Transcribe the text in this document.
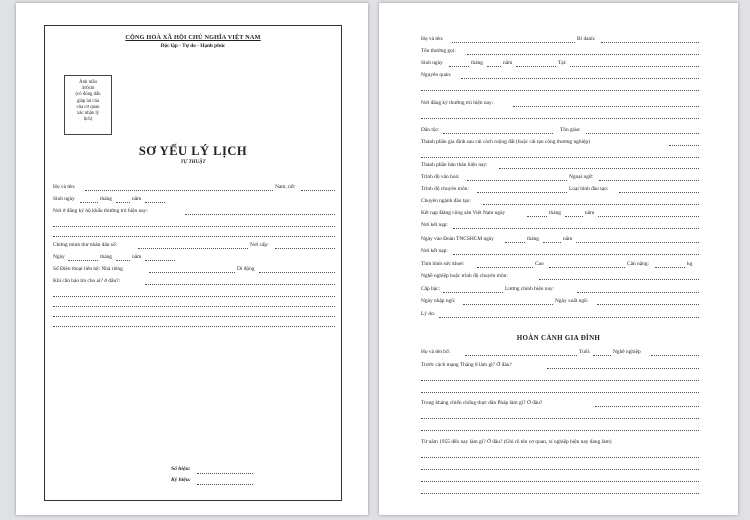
CỘNG HOÀ XÃ HỘI CHỦ NGHĨA VIỆT NAM
Độc lập - Tự do - Hạnh phúc
Ảnh mầu
4x6cm
(có đóng dấu
giáp lai của
của cơ quan
xác nhận lý
lịch)
SƠ YẾU LÝ LỊCH
TỰ THUẬT
Họ và tên:	Nam, nữ:
Sinh ngày	tháng	năm
Nơi ở đăng ký hộ khẩu thường trú hiện nay:
Chứng minh thư nhân dân số:	Nơi cấp:
Ngày	tháng	năm
Số Điện thoại liên hệ: Nhà riêng	Di động
Khi cần báo tin cho ai? ở đâu?:
Số hiệu:
Ký hiệu:
Họ và tên:	Bí danh:
Tên thường gọi:
Sinh ngày	tháng	năm	Tại:
Nguyên quán:
Nơi đăng ký thường trú hiện nay:
Dân tộc:	Tôn giáo:
Thành phần gia đình sau cải cách ruộng đất (hoặc cải tạo công thương nghiệp)
Thành phần bản thân hiện nay:
Trình độ văn hoá:	Ngoại ngữ:
Trình độ chuyên môn:	Loại hình đào tạo:
Chuyên ngành đào tạo:
Kết nạp Đảng cộng sản Việt Nam ngày	tháng	năm
Nơi kết nạp:
Ngày vào Đoàn TNCSHCM ngày	tháng	năm
Nơi kết nạp:
Tình hình sức khoẻ:	Cao	Cân nặng:	kg
Nghề nghiệp hoặc trình độ chuyên môn:
Cấp bậc:	Lương chính hiện nay:
Ngày nhập ngũ:	Ngày xuất ngũ:
Lý do:
HOÀN CẢNH GIA ĐÌNH
Họ và tên bố:	Tuổi:	Nghề nghiệp
Trước cách mạng Tháng 8 làm gì? Ở đâu?
Trong kháng chiến chống thực dân Pháp làm gì? Ở đâu?
Từ năm 1955 đến nay làm gì? Ở đâu? (Ghi rõ tên cơ quan, xí nghiệp hiện nay đang làm)
